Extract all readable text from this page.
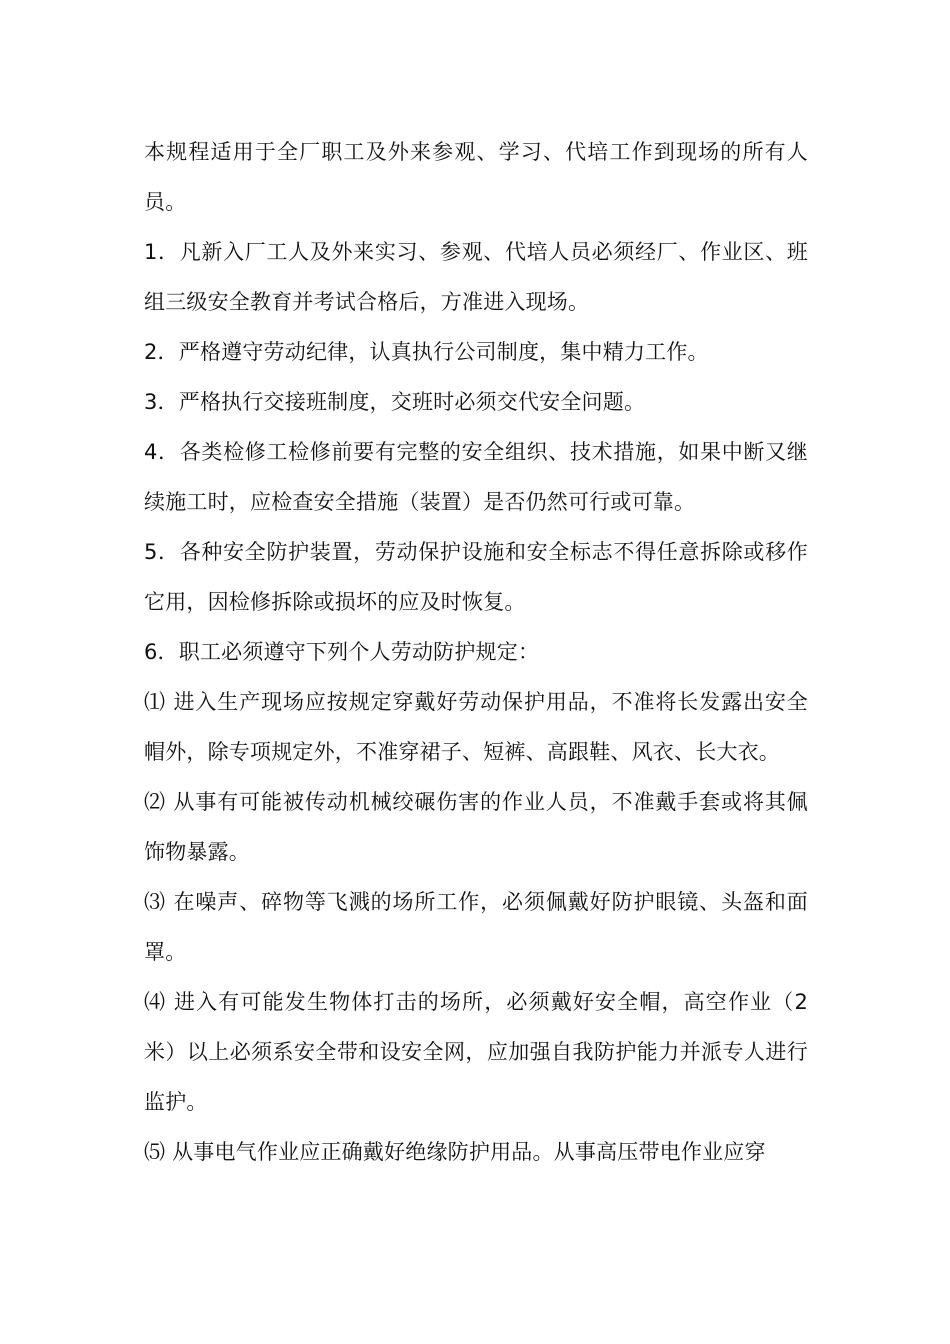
本规程适用于全厂职工及外来参观、学习、代培工作到现场的所有人员。

1．凡新入厂工人及外来实习、参观、代培人员必须经厂、作业区、班组三级安全教育并考试合格后，方准进入现场。

2．严格遵守劳动纪律，认真执行公司制度，集中精力工作。

3．严格执行交接班制度，交班时必须交代安全问题。

4．各类检修工检修前要有完整的安全组织、技术措施，如果中断又继续施工时，应检查安全措施（装置）是否仍然可行或可靠。

5．各种安全防护装置，劳动保护设施和安全标志不得任意拆除或移作它用，因检修拆除或损坏的应及时恢复。

6．职工必须遵守下列个人劳动防护规定：

⑴ 进入生产现场应按规定穿戴好劳动保护用品，不准将长发露出安全帽外，除专项规定外，不准穿裙子、短裤、高跟鞋、风衣、长大衣。

⑵ 从事有可能被传动机械绞碾伤害的作业人员，不准戴手套或将其佩饰物暴露。

⑶ 在噪声、碎物等飞溅的场所工作，必须佩戴好防护眼镜、头盔和面罩。

⑷ 进入有可能发生物体打击的场所，必须戴好安全帽，高空作业（2米）以上必须系安全带和设安全网，应加强自我防护能力并派专人进行监护。

⑸ 从事电气作业应正确戴好绝缘防护用品。从事高压带电作业应穿
